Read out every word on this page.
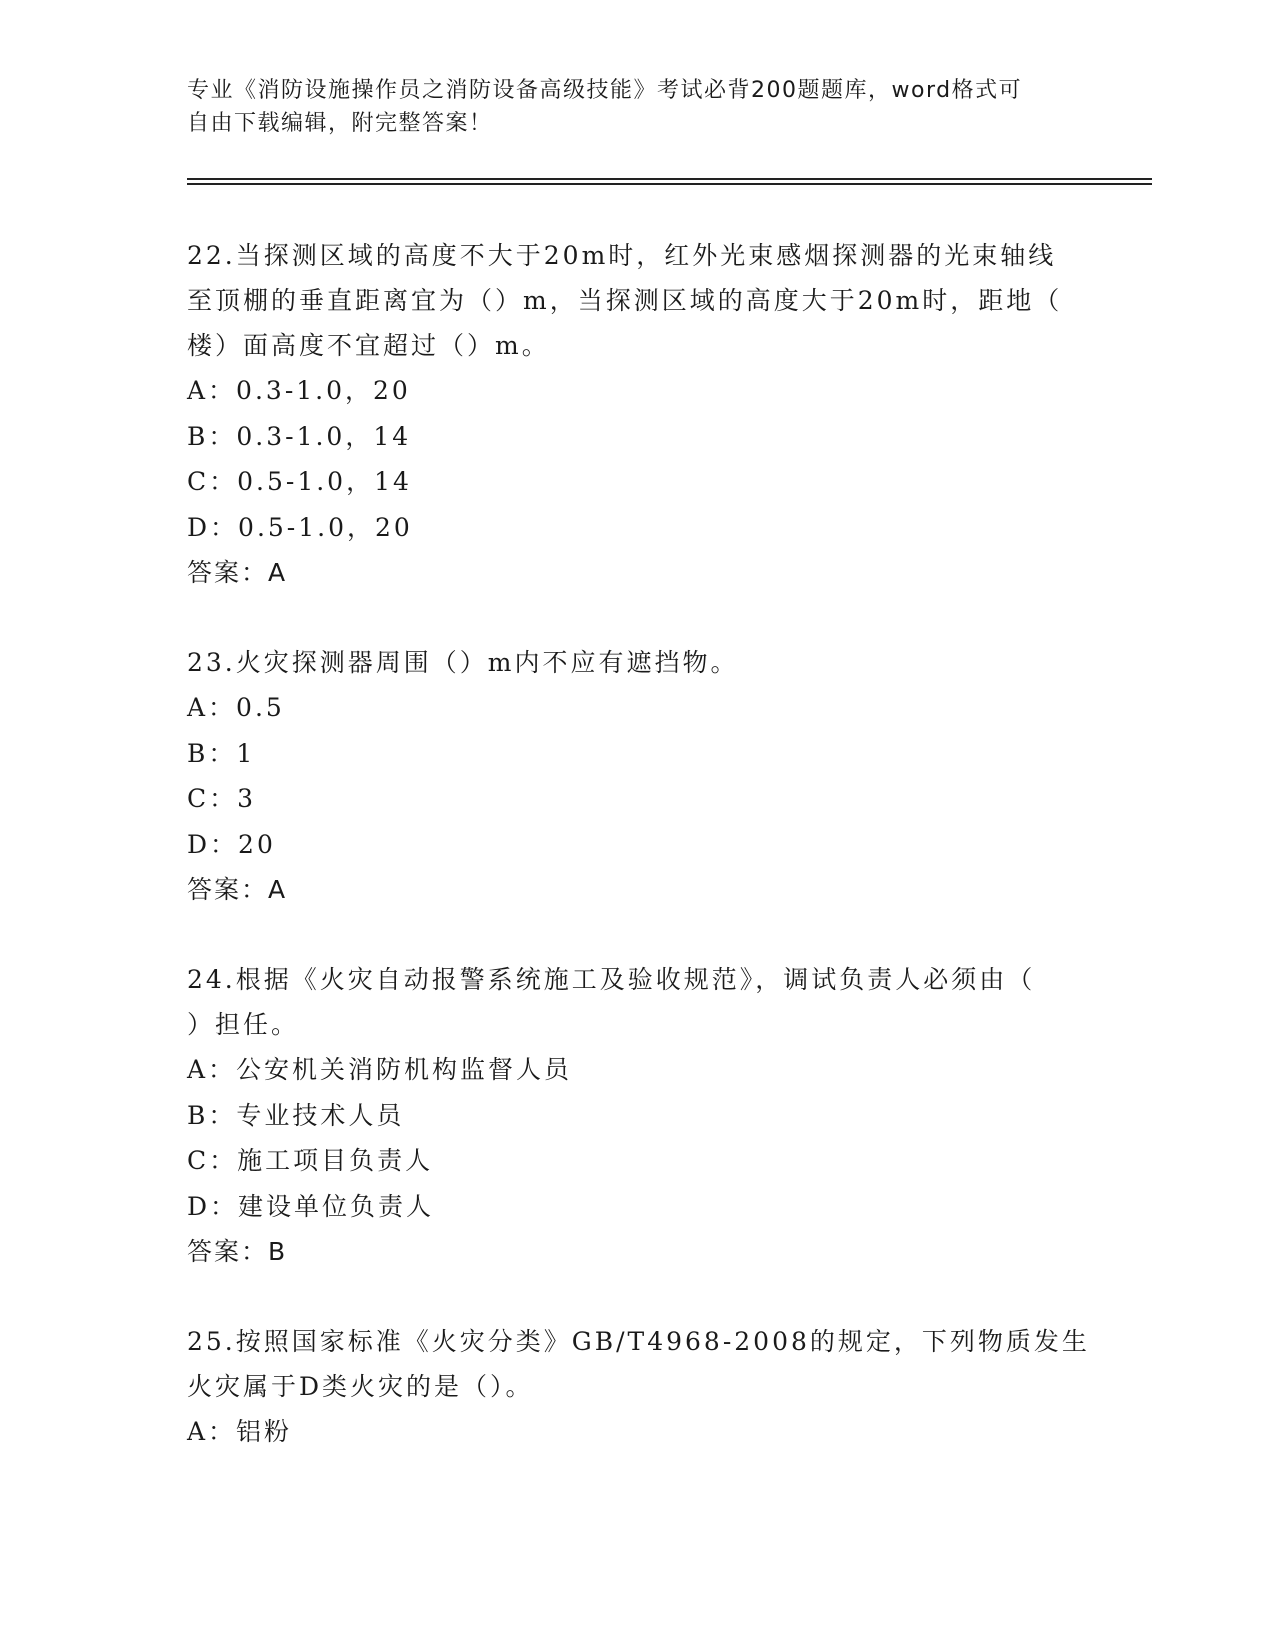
专业《消防设施操作员之消防设备高级技能》考试必背200题题库，word格式可
自由下载编辑，附完整答案！
22.当探测区域的高度不大于20m时，红外光束感烟探测器的光束轴线
至顶棚的垂直距离宜为（）m，当探测区域的高度大于20m时，距地（
楼）面高度不宜超过（）m。
A：0.3-1.0，20
B：0.3-1.0，14
C：0.5-1.0，14
D：0.5-1.0，20
答案：A
23.火灾探测器周围（）m内不应有遮挡物。
A：0.5
B：1
C：3
D：20
答案：A
24.根据《火灾自动报警系统施工及验收规范》，调试负责人必须由（
）担任。
A：公安机关消防机构监督人员
B：专业技术人员
C：施工项目负责人
D：建设单位负责人
答案：B
25.按照国家标准《火灾分类》GB/T4968-2008的规定，下列物质发生
火灾属于D类火灾的是（）。
A：铝粉
